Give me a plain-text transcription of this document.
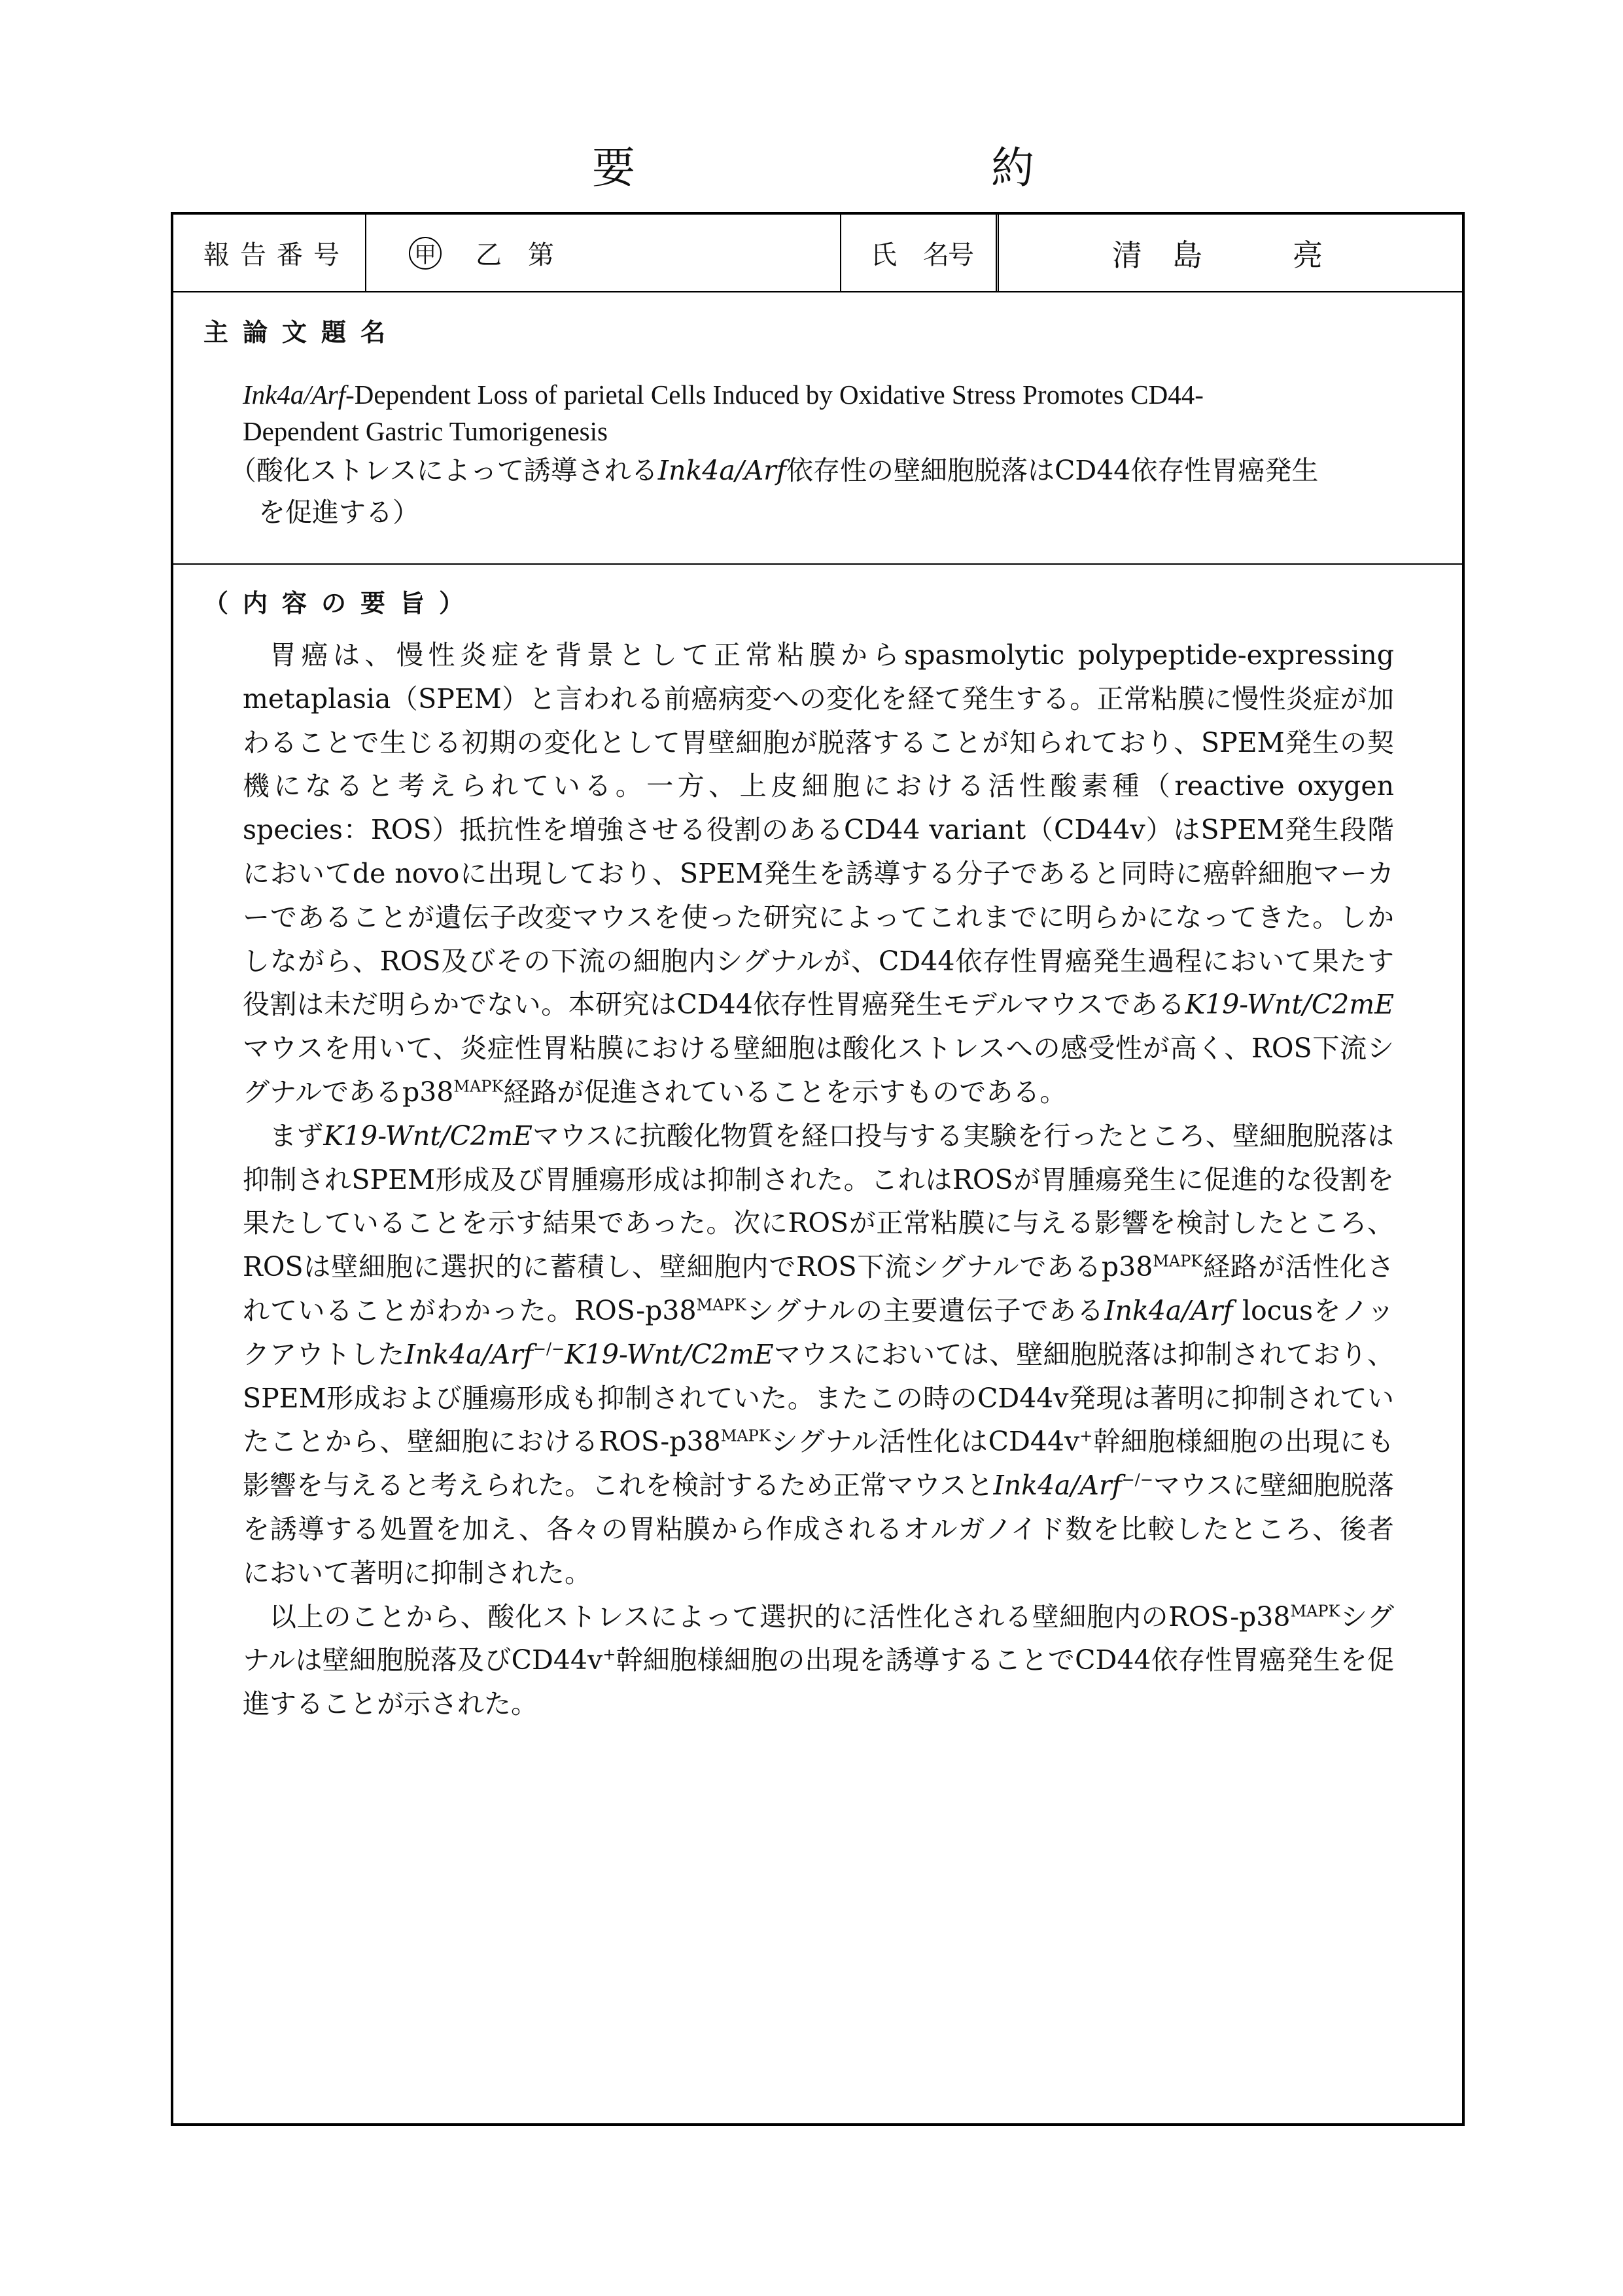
要	約
報告番号	甲 乙　第	号
氏　名	清　島　　　亮
主論文題名
Ink4a/Arf-Dependent Loss of parietal Cells Induced by Oxidative Stress Promotes CD44-
Dependent Gastric Tumorigenesis
（酸化ストレスによって誘導されるInk4a/Arf依存性の壁細胞脱落はCD44依存性胃癌発生
を促進する）
（内容の要旨）

胃癌は、慢性炎症を背景として正常粘膜からspasmolytic polypeptide-expressing metaplasia（SPEM）と言われる前癌病変への変化を経て発生する。正常粘膜に慢性炎症が加わることで生じる初期の変化として胃壁細胞が脱落することが知られており、SPEM発生の契機になると考えられている。一方、上皮細胞における活性酸素種（reactive oxygen species：ROS）抵抗性を増強させる役割のあるCD44 variant（CD44v）はSPEM発生段階においてde novoに出現しており、SPEM発生を誘導する分子であると同時に癌幹細胞マーカーであることが遺伝子改変マウスを使った研究によってこれまでに明らかになってきた。しかしながら、ROS及びその下流の細胞内シグナルが、CD44依存性胃癌発生過程において果たす役割は未だ明らかでない。本研究はCD44依存性胃癌発生モデルマウスであるK19-Wnt/C2mEマウスを用いて、炎症性胃粘膜における壁細胞は酸化ストレスへの感受性が高く、ROS下流シグナルである$p38^{MAPK}$経路が促進されていることを示すものである。

まずK19-Wnt/C2mEマウスに抗酸化物質を経口投与する実験を行ったところ、壁細胞脱落は抑制されSPEM形成及び胃腫瘍形成は抑制された。これはROSが胃腫瘍発生に促進的な役割を果たしていることを示す結果であった。次にROSが正常粘膜に与える影響を検討したところ、ROSは壁細胞に選択的に蓄積し、壁細胞内でROS下流シグナルである$p38^{MAPK}$経路が活性化されていることがわかった。ROS-$p38^{MAPK}$シグナルの主要遺伝子であるInk4a/Arf locusをノックアウトしたInk4a/Arf−/−K19-Wnt/C2mEマウスにおいては、壁細胞脱落は抑制されており、SPEM形成および腫瘍形成も抑制されていた。またこの時のCD44v発現は著明に抑制されていたことから、壁細胞におけるROS-$p38^{MAPK}$シグナル活性化はCD44v+幹細胞様細胞の出現にも影響を与えると考えられた。これを検討するため正常マウスとInk4a/Arf−/−マウスに壁細胞脱落を誘導する処置を加え、各々の胃粘膜から作成されるオルガノイド数を比較したところ、後者において著明に抑制された。

以上のことから、酸化ストレスによって選択的に活性化される壁細胞内のROS-$p38^{MAPK}$シグナルは壁細胞脱落及びCD44v+幹細胞様細胞の出現を誘導することでCD44依存性胃癌発生を促進することが示された。
